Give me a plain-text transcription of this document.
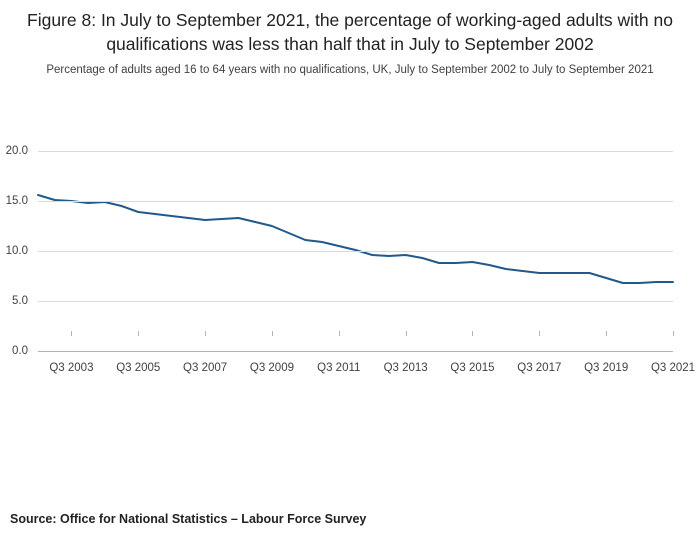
Figure 8: In July to September 2021, the percentage of working-aged adults with no qualifications was less than half that in July to September 2002
Percentage of adults aged 16 to 64 years with no qualifications, UK, July to September 2002 to July to September 2021
0.0
5.0
10.0
15.0
20.0
Q3 2003 Q3 2005 Q3 2007 Q3 2009 Q3 2011 Q3 2013 Q3 2015 Q3 2017 Q3 2019 Q3 2021
Source: Office for National Statistics – Labour Force Survey
